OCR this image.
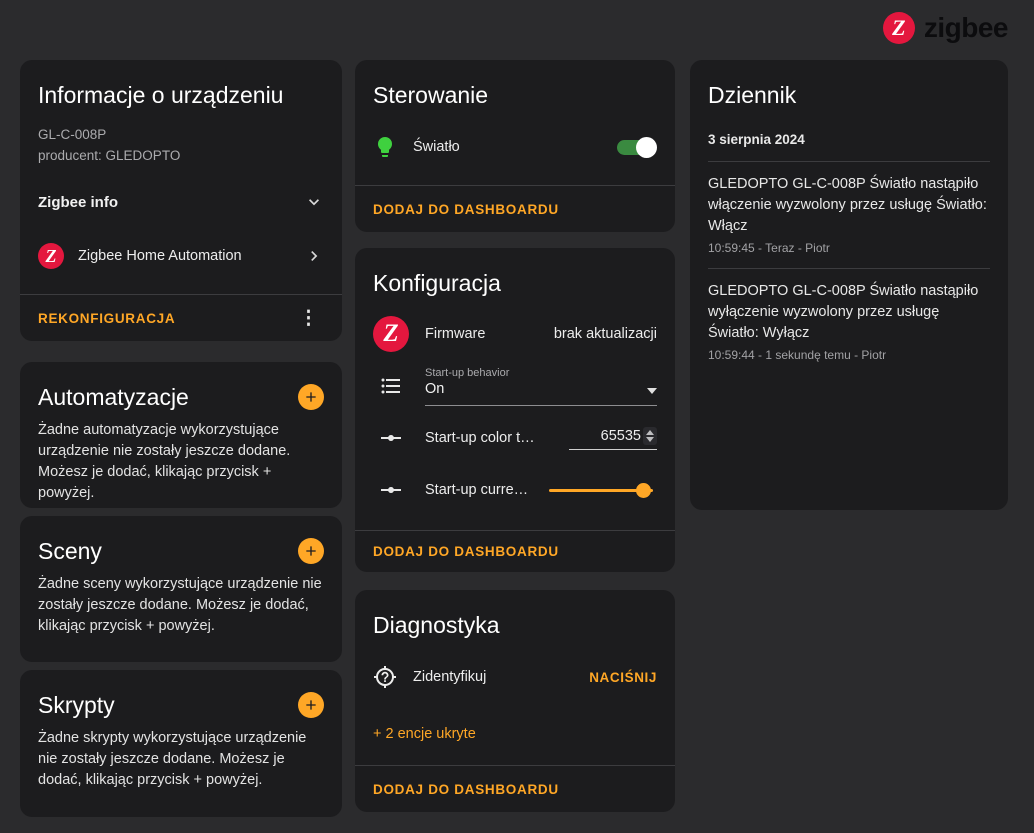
Z zigbee
Informacje o urządzeniu
GL-C-008P
producent: GLEDOPTO
Zigbee info
Z	Zigbee Home Automation
REKONFIGURACJA	⋮
Automatyzacje

Żadne automatyzacje wykorzystujące urządzenie nie zostały jeszcze dodane. Możesz je dodać, klikając przycisk + powyżej.

Sceny

Żadne sceny wykorzystujące urządzenie nie zostały jeszcze dodane. Możesz je dodać, klikając przycisk + powyżej.

Skrypty

Żadne skrypty wykorzystujące urządzenie nie zostały jeszcze dodane. Możesz je dodać, klikając przycisk + powyżej.

Sterowanie
Światło
DODAJ DO DASHBOARDU
Konfiguracja
Z	Firmware	brak aktualizacji
Start-up behavior
On
Start-up color t…
65535
Start-up curre…
DODAJ DO DASHBOARDU
Diagnostyka
Zidentyfikuj	NACIŚNIJ
+ 2 encje ukryte
DODAJ DO DASHBOARDU
Dziennik
3 sierpnia 2024
GLEDOPTO GL-C-008P Światło nastąpiło włączenie wyzwolony przez usługę Światło: Włącz
10:59:45 - Teraz - Piotr
GLEDOPTO GL-C-008P Światło nastąpiło wyłączenie wyzwolony przez usługę Światło: Wyłącz
10:59:44 - 1 sekundę temu - Piotr
